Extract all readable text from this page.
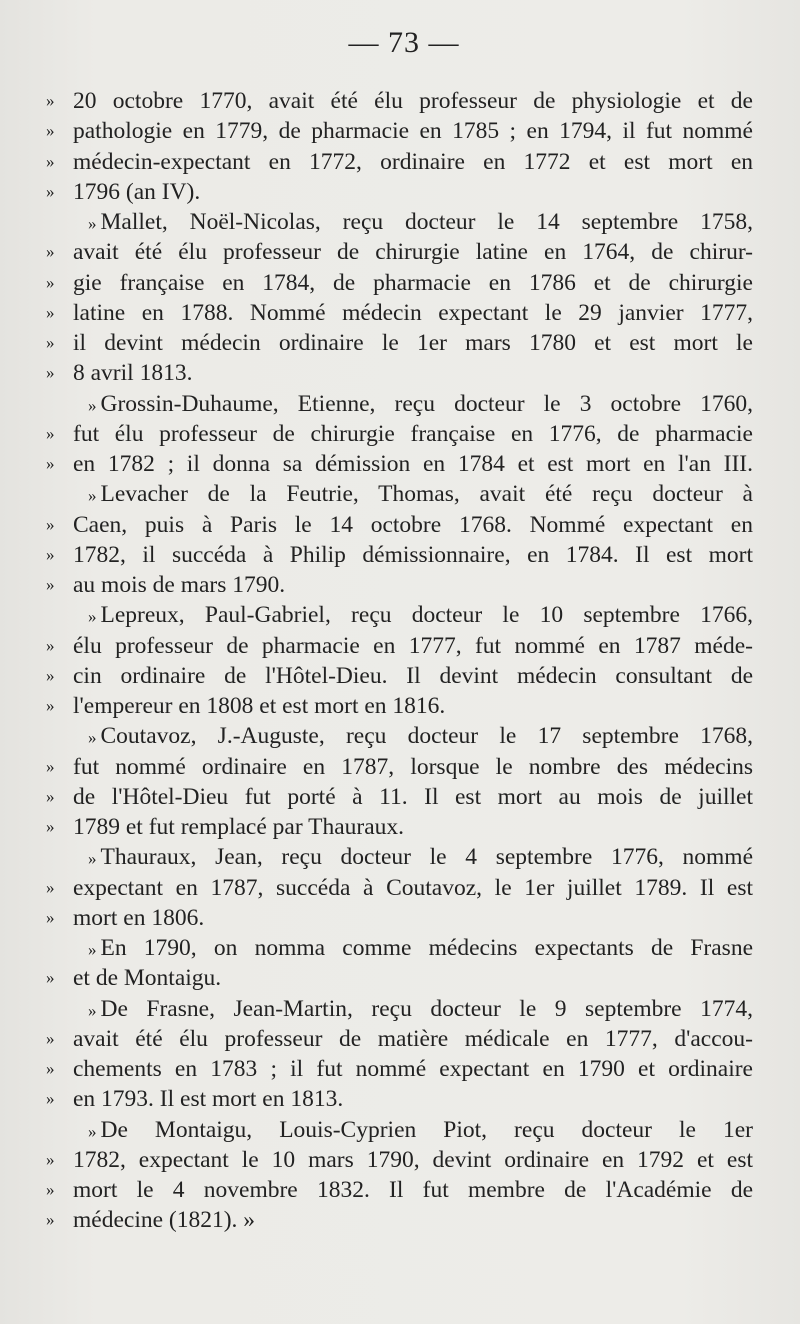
— 73 —
» 20 octobre 1770, avait été élu professeur de physiologie et de
» pathologie en 1779, de pharmacie en 1785 ; en 1794, il fut nommé
» médecin-expectant en 1772, ordinaire en 1772 et est mort en
» 1796 (an IV).
» Mallet, Noël-Nicolas, reçu docteur le 14 septembre 1758,
» avait été élu professeur de chirurgie latine en 1764, de chirur-
» gie française en 1784, de pharmacie en 1786 et de chirurgie
» latine en 1788. Nommé médecin expectant le 29 janvier 1777,
» il devint médecin ordinaire le 1er mars 1780 et est mort le
» 8 avril 1813.
» Grossin-Duhaume, Etienne, reçu docteur le 3 octobre 1760,
» fut élu professeur de chirurgie française en 1776, de pharmacie
» en 1782 ; il donna sa démission en 1784 et est mort en l'an III.
» Levacher de la Feutrie, Thomas, avait été reçu docteur à
» Caen, puis à Paris le 14 octobre 1768. Nommé expectant en
» 1782, il succéda à Philip démissionnaire, en 1784. Il est mort
» au mois de mars 1790.
» Lepreux, Paul-Gabriel, reçu docteur le 10 septembre 1766,
» élu professeur de pharmacie en 1777, fut nommé en 1787 méde-
» cin ordinaire de l'Hôtel-Dieu. Il devint médecin consultant de
» l'empereur en 1808 et est mort en 1816.
» Coutavoz, J.-Auguste, reçu docteur le 17 septembre 1768,
» fut nommé ordinaire en 1787, lorsque le nombre des médecins
» de l'Hôtel-Dieu fut porté à 11. Il est mort au mois de juillet
» 1789 et fut remplacé par Thauraux.
» Thauraux, Jean, reçu docteur le 4 septembre 1776, nommé
» expectant en 1787, succéda à Coutavoz, le 1er juillet 1789. Il est
» mort en 1806.
» En 1790, on nomma comme médecins expectants de Frasne
» et de Montaigu.
» De Frasne, Jean-Martin, reçu docteur le 9 septembre 1774,
» avait été élu professeur de matière médicale en 1777, d'accou-
» chements en 1783 ; il fut nommé expectant en 1790 et ordinaire
» en 1793. Il est mort en 1813.
» De Montaigu, Louis-Cyprien Piot, reçu docteur le 1er
» 1782, expectant le 10 mars 1790, devint ordinaire en 1792 et est
» mort le 4 novembre 1832. Il fut membre de l'Académie de
» médecine (1821). »
